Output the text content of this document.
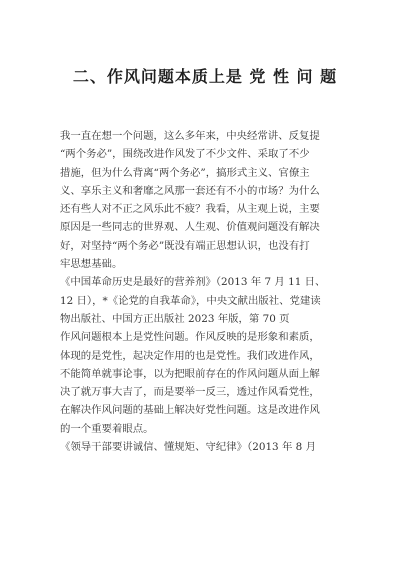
二、作风问题本质上是 党 性 问 题
我一直在想一个问题，这么多年来，中央经常讲、反复提
“两个务必”，围绕改进作风发了不少文件、采取了不少
措施，但为什么背离“两个务必”，搞形式主义、官僚主
义、享乐主义和奢靡之风那一套还有不小的市场？为什么
还有些人对不正之风乐此不疲？我看，从主观上说，主要
原因是一些同志的世界观、人生观、价值观问题没有解决
好，对坚持“两个务必”既没有端正思想认识，也没有打
牢思想基础。
《中国革命历史是最好的营养剂》（2013 年 7 月 11 日、
12 日），*《论党的自我革命》，中央文献出版社、党建读
物出版社、中国方正出版社 2023 年版，第 70 页
作风问题根本上是党性问题。作风反映的是形象和素质，
体现的是党性，起决定作用的也是党性。我们改进作风，
不能简单就事论事，以为把眼前存在的作风问题从面上解
决了就万事大吉了，而是要举一反三，透过作风看党性，
在解决作风问题的基础上解决好党性问题。这是改进作风
的一个重要着眼点。
《领导干部要讲诚信、懂规矩、守纪律》（2013 年 8 月
